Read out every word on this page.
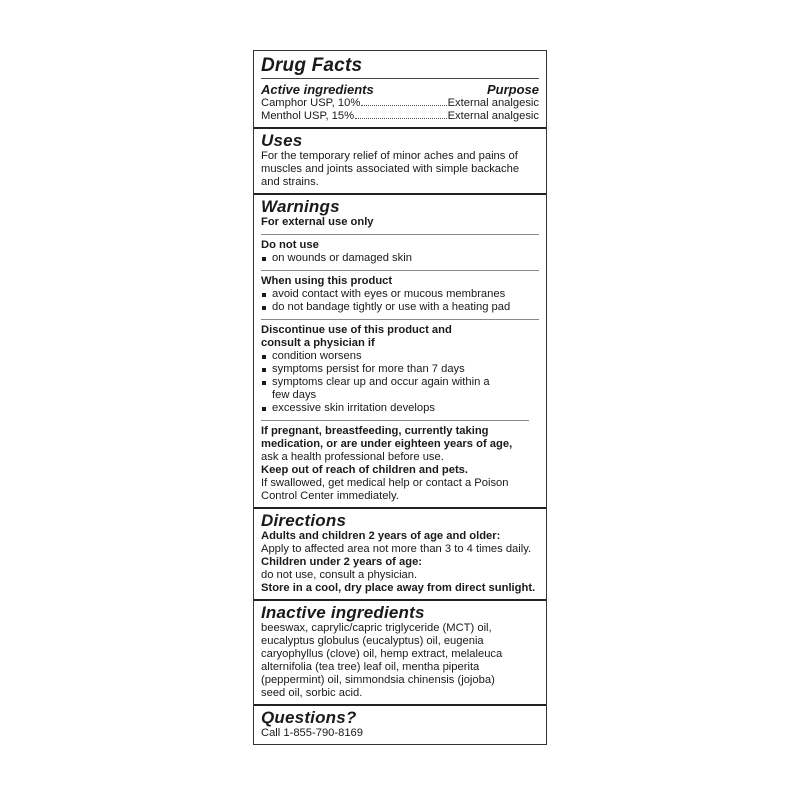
Drug Facts
Active ingredients	Purpose
Camphor USP, 10%	External analgesic
Menthol USP, 15%	External analgesic
Uses

For the temporary relief of minor aches and pains of muscles and joints associated with simple backache and strains.

Warnings

For external use only

Do not use

on wounds or damaged skin

When using this product

avoid contact with eyes or mucous membranes
do not bandage tightly or use with a heating pad

Discontinue use of this product and consult a physician if

condition worsens
symptoms persist for more than 7 days
symptoms clear up and occur again within a few days
excessive skin irritation develops

If pregnant, breastfeeding, currently taking medication, or are under eighteen years of age, ask a health professional before use.

Keep out of reach of children and pets.

If swallowed, get medical help or contact a Poison Control Center immediately.

Directions

Adults and children 2 years of age and older:

Apply to affected area not more than 3 to 4 times daily.

Children under 2 years of age:

do not use, consult a physician.

Store in a cool, dry place away from direct sunlight.

Inactive ingredients

beeswax, caprylic/capric triglyceride (MCT) oil, eucalyptus globulus (eucalyptus) oil, eugenia caryophyllus (clove) oil, hemp extract, melaleuca alternifolia (tea tree) leaf oil, mentha piperita (peppermint) oil, simmondsia chinensis (jojoba) seed oil, sorbic acid.

Questions?

Call 1-855-790-8169
